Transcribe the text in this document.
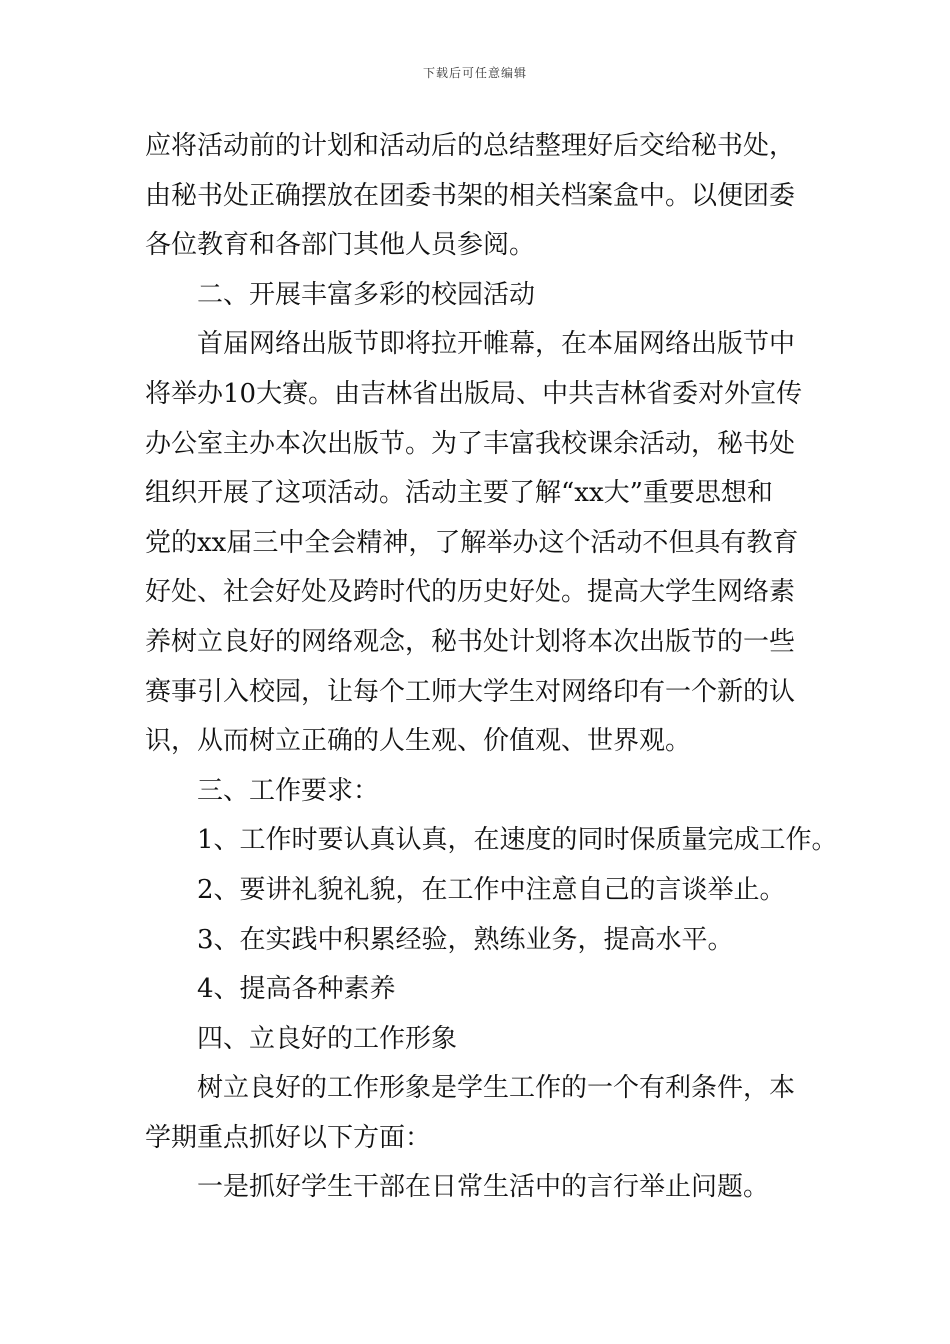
下载后可任意编辑
应将活动前的计划和活动后的总结整理好后交给秘书处，
由秘书处正确摆放在团委书架的相关档案盒中。以便团委
各位教育和各部门其他人员参阅。
二、开展丰富多彩的校园活动
首届网络出版节即将拉开帷幕，在本届网络出版节中
将举办10大赛。由吉林省出版局、中共吉林省委对外宣传
办公室主办本次出版节。为了丰富我校课余活动，秘书处
组织开展了这项活动。活动主要了解“xx大”重要思想和
党的xx届三中全会精神，了解举办这个活动不但具有教育
好处、社会好处及跨时代的历史好处。提高大学生网络素
养树立良好的网络观念，秘书处计划将本次出版节的一些
赛事引入校园，让每个工师大学生对网络印有一个新的认
识，从而树立正确的人生观、价值观、世界观。
三、工作要求：
1、工作时要认真认真，在速度的同时保质量完成工作。
2、要讲礼貌礼貌，在工作中注意自己的言谈举止。
3、在实践中积累经验，熟练业务，提高水平。
4、提高各种素养
四、立良好的工作形象
树立良好的工作形象是学生工作的一个有利条件，本
学期重点抓好以下方面：
一是抓好学生干部在日常生活中的言行举止问题。
